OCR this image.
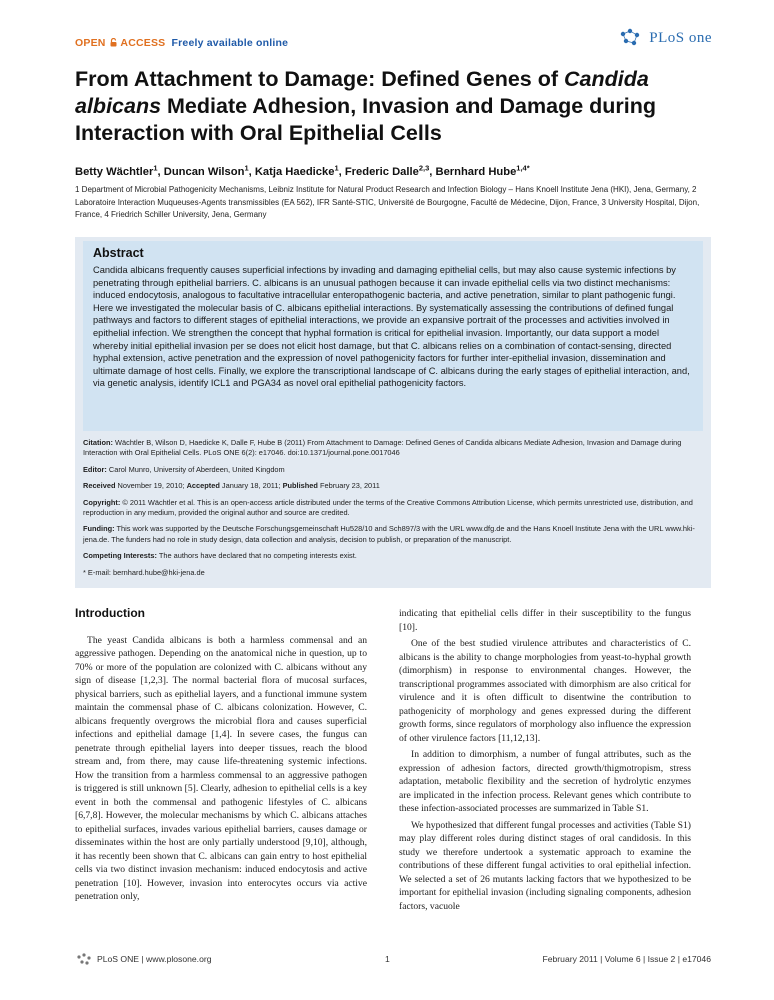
OPEN ACCESS Freely available online	PLoS one
From Attachment to Damage: Defined Genes of Candida albicans Mediate Adhesion, Invasion and Damage during Interaction with Oral Epithelial Cells
Betty Wächtler$^1$, Duncan Wilson$^1$, Katja Haedicke$^1$, Frederic Dalle$^{2,3}$, Bernhard Hube$^{1,4*}$
1 Department of Microbial Pathogenicity Mechanisms, Leibniz Institute for Natural Product Research and Infection Biology – Hans Knoell Institute Jena (HKI), Jena, Germany, 2 Laboratoire Interaction Muqueuses-Agents transmissibles (EA 562), IFR Santé-STIC, Université de Bourgogne, Faculté de Médecine, Dijon, France, 3 University Hospital, Dijon, France, 4 Friedrich Schiller University, Jena, Germany
Abstract
Candida albicans frequently causes superficial infections by invading and damaging epithelial cells, but may also cause systemic infections by penetrating through epithelial barriers. C. albicans is an unusual pathogen because it can invade epithelial cells via two distinct mechanisms: induced endocytosis, analogous to facultative intracellular enteropathogenic bacteria, and active penetration, similar to plant pathogenic fungi. Here we investigated the molecular basis of C. albicans epithelial interactions. By systematically assessing the contributions of defined fungal pathways and factors to different stages of epithelial interactions, we provide an expansive portrait of the processes and activities involved in epithelial infection. We strengthen the concept that hyphal formation is critical for epithelial invasion. Importantly, our data support a model whereby initial epithelial invasion per se does not elicit host damage, but that C. albicans relies on a combination of contact-sensing, directed hyphal extension, active penetration and the expression of novel pathogenicity factors for further inter-epithelial invasion, dissemination and ultimate damage of host cells. Finally, we explore the transcriptional landscape of C. albicans during the early stages of epithelial interaction, and, via genetic analysis, identify ICL1 and PGA34 as novel oral epithelial pathogenicity factors.

Citation: Wächtler B, Wilson D, Haedicke K, Dalle F, Hube B (2011) From Attachment to Damage: Defined Genes of Candida albicans Mediate Adhesion, Invasion and Damage during Interaction with Oral Epithelial Cells. PLoS ONE 6(2): e17046. doi:10.1371/journal.pone.0017046

Editor: Carol Munro, University of Aberdeen, United Kingdom

Received November 19, 2010; Accepted January 18, 2011; Published February 23, 2011

Copyright: © 2011 Wächtler et al. This is an open-access article distributed under the terms of the Creative Commons Attribution License, which permits unrestricted use, distribution, and reproduction in any medium, provided the original author and source are credited.

Funding: This work was supported by the Deutsche Forschungsgemeinschaft Hu528/10 and Sch897/3 with the URL www.dfg.de and the Hans Knoell Institute Jena with the URL www.hki-jena.de. The funders had no role in study design, data collection and analysis, decision to publish, or preparation of the manuscript.

Competing Interests: The authors have declared that no competing interests exist.

* E-mail: bernhard.hube@hki-jena.de

Introduction

The yeast Candida albicans is both a harmless commensal and an aggressive pathogen. Depending on the anatomical niche in question, up to 70% or more of the population are colonized with C. albicans without any sign of disease [1,2,3]. The normal bacterial flora of mucosal surfaces, physical barriers, such as epithelial layers, and a functional immune system maintain the commensal phase of C. albicans colonization. However, C. albicans frequently overgrows the microbial flora and causes superficial infections and epithelial damage [1,4]. In severe cases, the fungus can penetrate through epithelial layers into deeper tissues, reach the blood stream and, from there, may cause life-threatening systemic infections. How the transition from a harmless commensal to an aggressive pathogen is triggered is still unknown [5]. Clearly, adhesion to epithelial cells is a key event in both the commensal and pathogenic lifestyles of C. albicans [6,7,8]. However, the molecular mechanisms by which C. albicans attaches to epithelial surfaces, invades various epithelial barriers, causes damage or disseminates within the host are only partially understood [9,10], although, it has recently been shown that C. albicans can gain entry to host epithelial cells via two distinct invasion mechanism: induced endocytosis and active penetration [10]. However, invasion into enterocytes occurs via active penetration only,

indicating that epithelial cells differ in their susceptibility to the fungus [10].

One of the best studied virulence attributes and characteristics of C. albicans is the ability to change morphologies from yeast-to-hyphal growth (dimorphism) in response to environmental changes. However, the transcriptional programmes associated with dimorphism are also critical for virulence and it is often difficult to disentwine the contribution to pathogenicity of morphology and genes expressed during the different growth forms, since regulators of morphology also influence the expression of other virulence factors [11,12,13].

In addition to dimorphism, a number of fungal attributes, such as the expression of adhesion factors, directed growth/thigmotropism, stress adaptation, metabolic flexibility and the secretion of hydrolytic enzymes are implicated in the infection process. Relevant genes which contribute to these infection-associated processes are summarized in Table S1.

We hypothesized that different fungal processes and activities (Table S1) may play different roles during distinct stages of oral candidosis. In this study we therefore undertook a systematic approach to examine the contributions of these different fungal activities to oral epithelial infection. We selected a set of 26 mutants lacking factors that we hypothesized to be important for epithelial invasion (including signaling components, adhesion factors, vacuole

PLoS ONE | www.plosone.org	1	February 2011 | Volume 6 | Issue 2 | e17046
